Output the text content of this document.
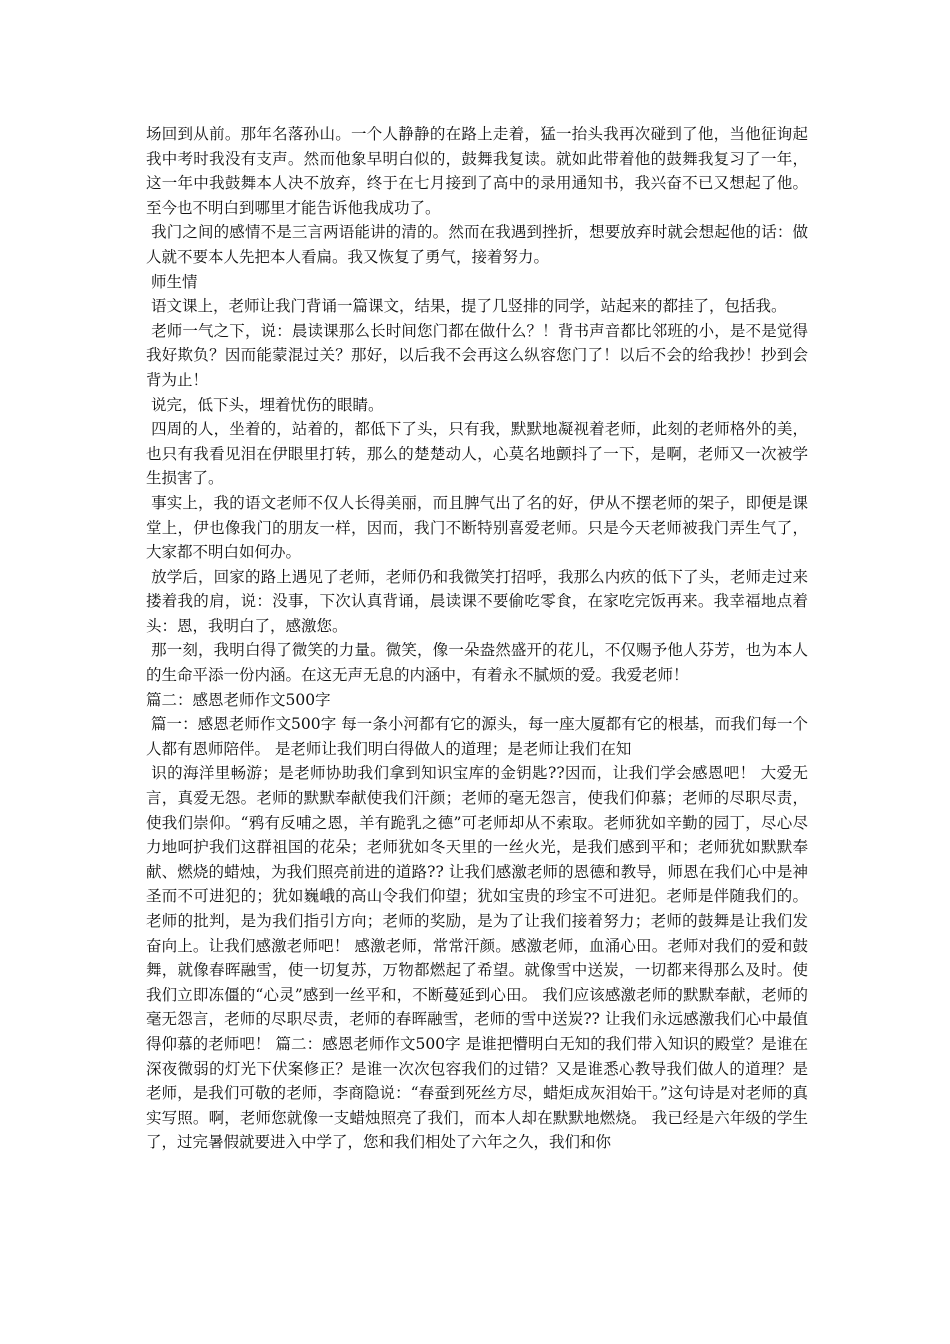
场回到从前。那年名落孙山。一个人静静的在路上走着，猛一抬头我再次碰到了他，当他征询起我中考时我没有支声。然而他象早明白似的，鼓舞我复读。就如此带着他的鼓舞我复习了一年，这一年中我鼓舞本人决不放弃，终于在七月接到了高中的录用通知书，我兴奋不已又想起了他。至今也不明白到哪里才能告诉他我成功了。

我门之间的感情不是三言两语能讲的清的。然而在我遇到挫折，想要放弃时就会想起他的话：做人就不要本人先把本人看扁。我又恢复了勇气，接着努力。

师生情

语文课上，老师让我门背诵一篇课文，结果，提了几竖排的同学，站起来的都挂了，包括我。

老师一气之下，说：晨读课那么长时间您门都在做什么？！背书声音都比邻班的小，是不是觉得我好欺负？因而能蒙混过关？那好，以后我不会再这么纵容您门了！以后不会的给我抄！抄到会背为止！

说完，低下头，埋着忧伤的眼睛。

四周的人，坐着的，站着的，都低下了头，只有我，默默地凝视着老师，此刻的老师格外的美，也只有我看见泪在伊眼里打转，那么的楚楚动人，心莫名地颤抖了一下，是啊，老师又一次被学生损害了。

事实上，我的语文老师不仅人长得美丽，而且脾气出了名的好，伊从不摆老师的架子，即便是课堂上，伊也像我门的朋友一样，因而，我门不断特别喜爱老师。只是今天老师被我门弄生气了，大家都不明白如何办。

放学后，回家的路上遇见了老师，老师仍和我微笑打招呼，我那么内疚的低下了头，老师走过来搂着我的肩，说：没事，下次认真背诵，晨读课不要偷吃零食，在家吃完饭再来。我幸福地点着头：恩，我明白了，感激您。

那一刻，我明白得了微笑的力量。微笑，像一朵盎然盛开的花儿，不仅赐予他人芬芳，也为本人的生命平添一份内涵。在这无声无息的内涵中，有着永不腻烦的爱。我爱老师！

篇二：感恩老师作文500字

篇一：感恩老师作文500字 每一条小河都有它的源头，每一座大厦都有它的根基，而我们每一个人都有恩师陪伴。 是老师让我们明白得做人的道理；是老师让我们在知

识的海洋里畅游；是老师协助我们拿到知识宝库的金钥匙??因而，让我们学会感恩吧！ 大爱无言，真爱无怨。老师的默默奉献使我们汗颜；老师的毫无怨言，使我们仰慕；老师的尽职尽责，使我们崇仰。“鸦有反哺之恩，羊有跪乳之德”可老师却从不索取。老师犹如辛勤的园丁，尽心尽力地呵护我们这群祖国的花朵；老师犹如冬天里的一丝火光，是我们感到平和；老师犹如默默奉献、燃烧的蜡烛，为我们照亮前进的道路?? 让我们感激老师的恩德和教导，师恩在我们心中是神圣而不可进犯的；犹如巍峨的高山令我们仰望；犹如宝贵的珍宝不可进犯。老师是伴随我们的。老师的批判，是为我们指引方向；老师的奖励，是为了让我们接着努力；老师的鼓舞是让我们发奋向上。让我们感激老师吧！ 感激老师，常常汗颜。感激老师，血涌心田。老师对我们的爱和鼓舞，就像春晖融雪，使一切复苏，万物都燃起了希望。就像雪中送炭，一切都来得那么及时。使我们立即冻僵的“心灵”感到一丝平和，不断蔓延到心田。 我们应该感激老师的默默奉献，老师的毫无怨言，老师的尽职尽责，老师的春晖融雪，老师的雪中送炭?? 让我们永远感激我们心中最值得仰慕的老师吧！ 篇二：感恩老师作文500字 是谁把懵明白无知的我们带入知识的殿堂？是谁在深夜微弱的灯光下伏案修正？是谁一次次包容我们的过错？又是谁悉心教导我们做人的道理？是老师，是我们可敬的老师，李商隐说：“春蚕到死丝方尽，蜡炬成灰泪始干。”这句诗是对老师的真实写照。啊，老师您就像一支蜡烛照亮了我们，而本人却在默默地燃烧。 我已经是六年级的学生了，过完暑假就要进入中学了，您和我们相处了六年之久，我们和你
